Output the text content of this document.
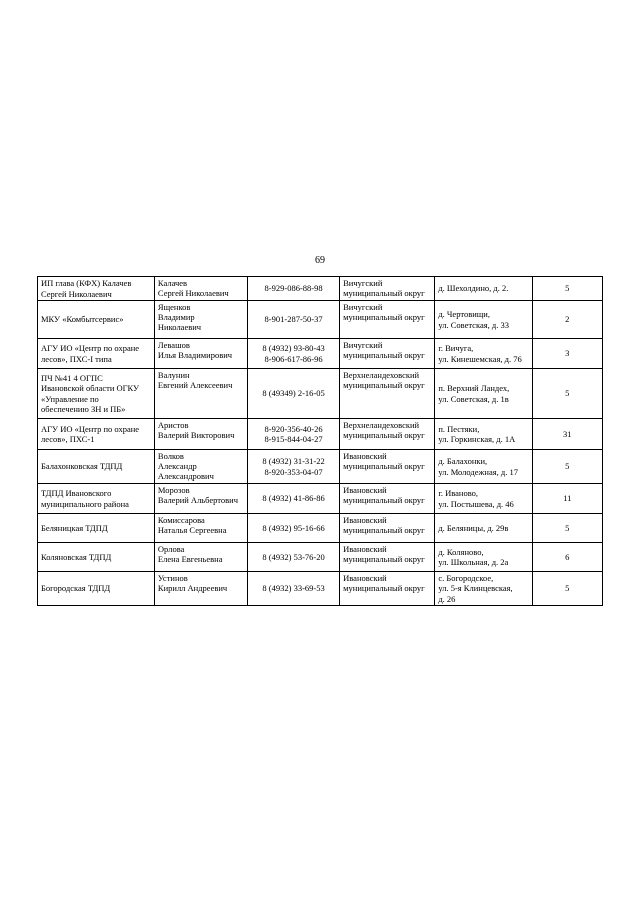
69
ИП глава (КФХ) Калачев
Сергей Николаевич	Калачев
Сергей Николаевич	8-929-086-88-98	Вичугский
муниципальный округ	д. Шехолдино, д. 2.	5

МКУ «Комбытсервис»	Ященков
Владимир
Николаевич	8-901-287-50-37	Вичугский
муниципальный округ	д. Чертовищи,
ул. Советская, д. 33	2

АГУ ИО «Центр по охране
лесов», ПХС-I типа	Левашов
Илья Владимирович	8 (4932) 93-80-43
8-906-617-86-96	Вичугский
муниципальный округ	г. Вичуга,
ул. Кинешемская, д. 76	3

ПЧ №41 4 ОГПС
Ивановской области ОГКУ
«Управление по
обеспечению ЗН и ПБ»	Валунин
Евгений Алексеевич	8 (49349) 2-16-05	Верхнеландеховский
муниципальный округ	п. Верхний Ландех,
ул. Советская, д. 1в	5

АГУ ИО «Центр по охране
лесов», ПХС-1	Аристов
Валерий Викторович	8-920-356-40-26
8-915-844-04-27	Верхнеландеховский
муниципальный округ	п. Пестяки,
ул. Горкинская, д. 1А	31

Балахонковская ТДПД	Волков
Александр
Александрович	8 (4932) 31-31-22
8-920-353-04-07	Ивановский
муниципальный округ	д. Балахонки,
ул. Молодежная, д. 17	5

ТДПД Ивановского
муниципального района	Морозов
Валерий Альбертович	8 (4932) 41-86-86	Ивановский
муниципальный округ	г. Иваново,
ул. Постышева, д. 46	11

Беляницкая ТДПД	Комиссарова
Наталья Сергеевна	8 (4932) 95-16-66	Ивановский
муниципальный округ	д. Беляницы, д. 29в	5

Коляновская ТДПД	Орлова
Елена Евгеньевна	8 (4932) 53-76-20	Ивановский
муниципальный округ	д. Коляново,
ул. Школьная, д. 2а	6

Богородская ТДПД	Устинов
Кирилл Андреевич	8 (4932) 33-69-53	Ивановский
муниципальный округ	с. Богородское,
ул. 5-я Клинцевская,
д. 26	5
